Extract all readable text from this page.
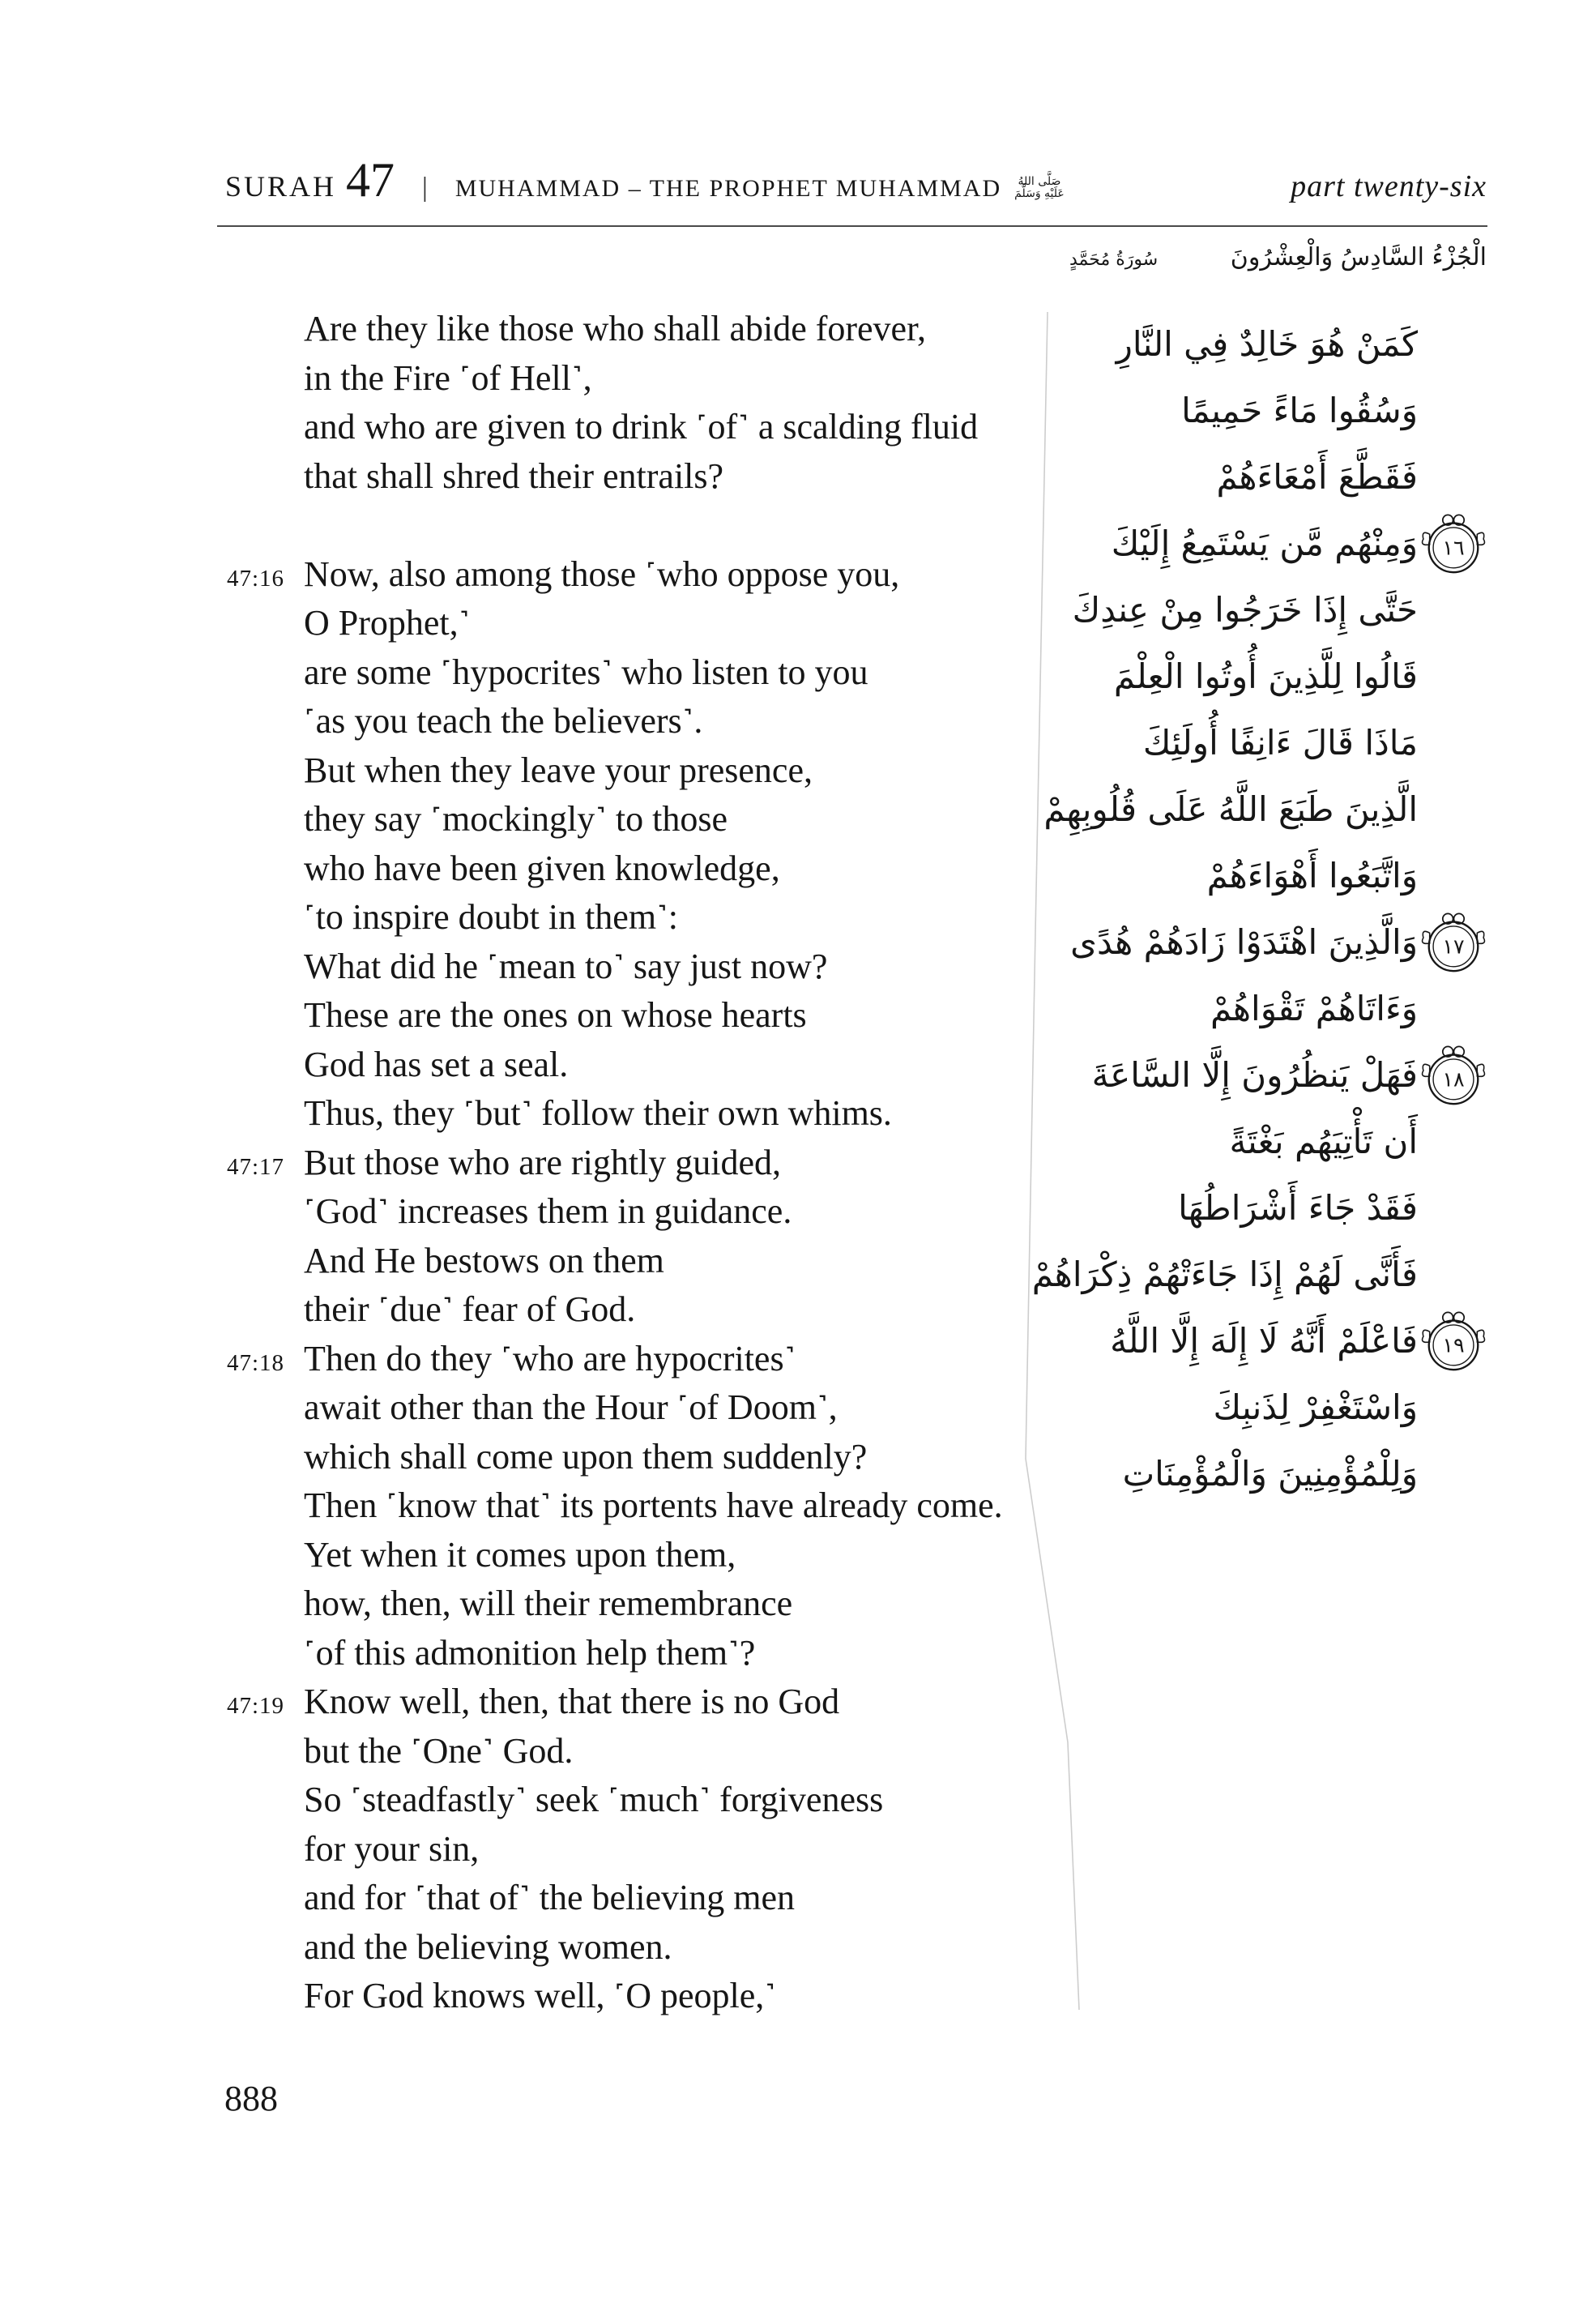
SURAH 47 | MUHAMMAD – THE PROPHET MUHAMMAD	صَلَّى اللهُ
عَلَيْهِ وَسَلَّمَ	part twenty-six
الْجُزْءُ السَّادِسُ وَالْعِشْرُونَ
سُورَةُ مُحَمَّدٍ
Are they like those who shall abide forever,
in the Fire ˹of Hell˺,
and who are given to drink ˹of˺ a scalding fluid
that shall shred their entrails?
47:16 Now, also among those ˹who oppose you,
O Prophet,˺
are some ˹hypocrites˺ who listen to you
˹as you teach the believers˺.
But when they leave your presence,
they say ˹mockingly˺ to those
who have been given knowledge,
˹to inspire doubt in them˺:
What did he ˹mean to˺ say just now?
These are the ones on whose hearts
God has set a seal.
Thus, they ˹but˺ follow their own whims.
47:17 But those who are rightly guided,
˹God˺ increases them in guidance.
And He bestows on them
their ˹due˺ fear of God.
47:18 Then do they ˹who are hypocrites˺
await other than the Hour ˹of Doom˺,
which shall come upon them suddenly?
Then ˹know that˺ its portents have already come.
Yet when it comes upon them,
how, then, will their remembrance
˹of this admonition help them˺?
47:19 Know well, then, that there is no God
but the ˹One˺ God.
So ˹steadfastly˺ seek ˹much˺ forgiveness
for your sin,
and for ˹that of˺ the believing men
and the believing women.
For God knows well, ˹O people,˺
كَمَنْ هُوَ خَالِدٌ فِي النَّارِ
وَسُقُوا مَاءً حَمِيمًا
فَقَطَّعَ أَمْعَاءَهُمْ
وَمِنْهُم مَّن يَسْتَمِعُ إِلَيْكَ ١٦
حَتَّى إِذَا خَرَجُوا مِنْ عِندِكَ
قَالُوا لِلَّذِينَ أُوتُوا الْعِلْمَ
مَاذَا قَالَ ءَانِفًا أُولَئِكَ
الَّذِينَ طَبَعَ اللَّهُ عَلَى قُلُوبِهِمْ
وَاتَّبَعُوا أَهْوَاءَهُمْ
وَالَّذِينَ اهْتَدَوْا زَادَهُمْ هُدًى ١٧
وَءَاتَاهُمْ تَقْوَاهُمْ
فَهَلْ يَنظُرُونَ إِلَّا السَّاعَةَ ١٨
أَن تَأْتِيَهُم بَغْتَةً
فَقَدْ جَاءَ أَشْرَاطُهَا
فَأَنَّى لَهُمْ إِذَا جَاءَتْهُمْ ذِكْرَاهُمْ
فَاعْلَمْ أَنَّهُ لَا إِلَهَ إِلَّا اللَّهُ ١٩
وَاسْتَغْفِرْ لِذَنبِكَ
وَلِلْمُؤْمِنِينَ وَالْمُؤْمِنَاتِ
888
